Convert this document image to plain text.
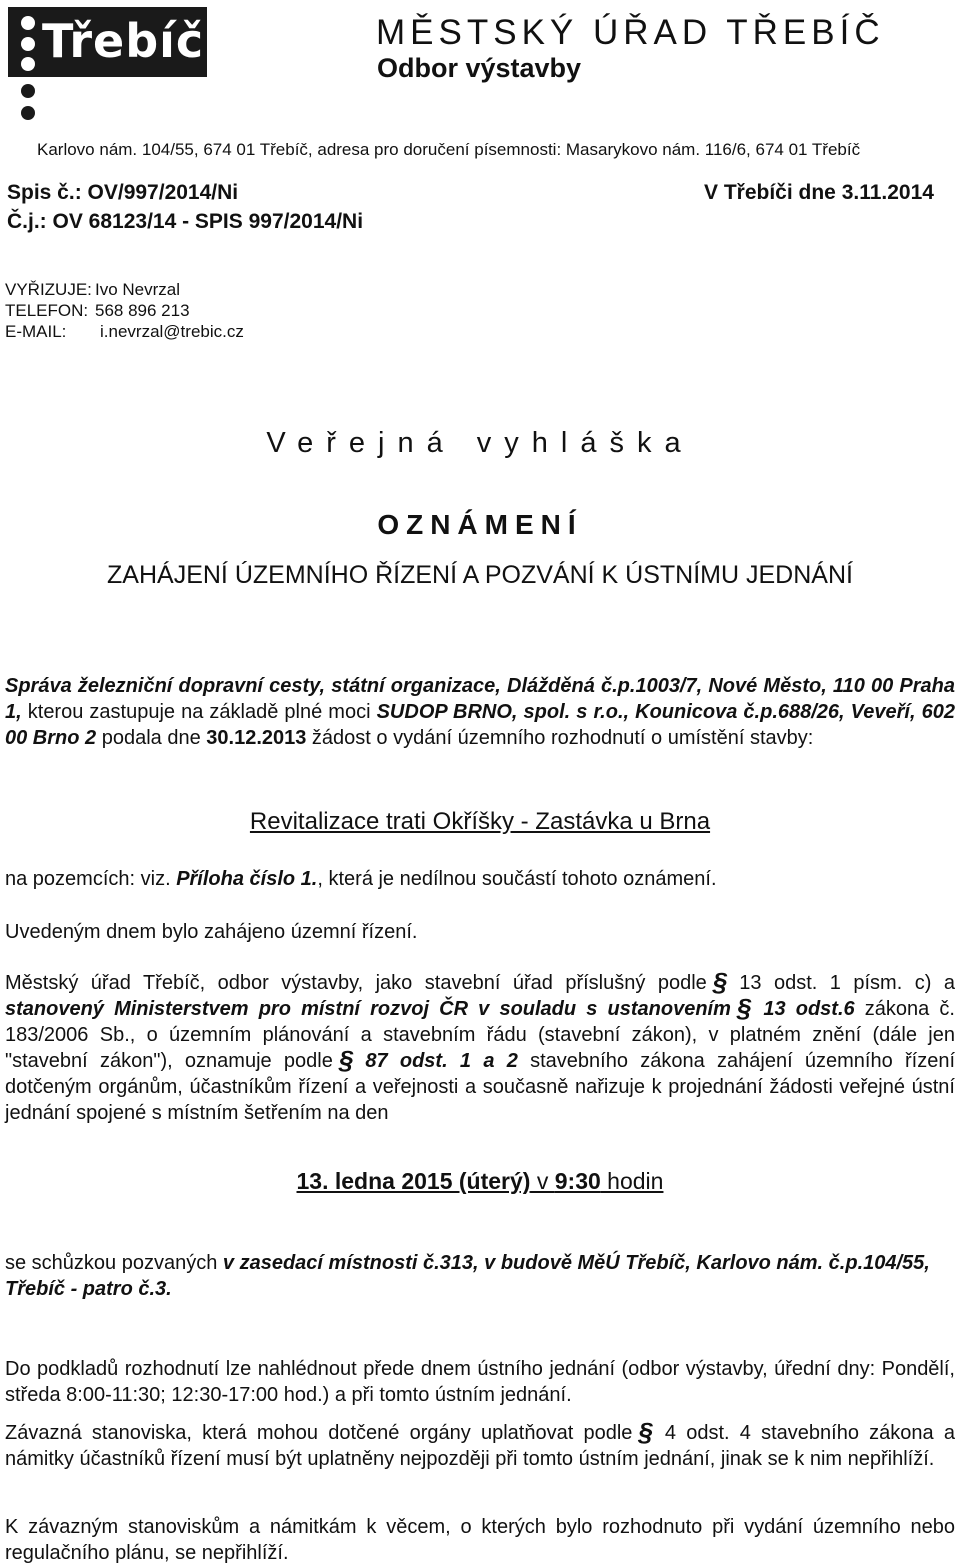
Třebíč	MĚSTSKÝ ÚŘAD TŘEBÍČ
Odbor výstavby
Karlovo nám. 104/55, 674 01 Třebíč, adresa pro doručení písemnosti: Masarykovo nám. 116/6, 674 01 Třebíč
Spis č.: OV/997/2014/Ni
Č.j.: OV 68123/14 - SPIS 997/2014/Ni
V Třebíči dne 3.11.2014
VYŘIZUJE: Ivo Nevrzal
TELEFON: 568 896 213
E-MAIL: i.nevrzal@trebic.cz
Veřejná vyhláška
OZNÁMENÍ
ZAHÁJENÍ ÚZEMNÍHO ŘÍZENÍ A POZVÁNÍ K ÚSTNÍMU JEDNÁNÍ
Správa železniční dopravní cesty, státní organizace, Dlážděná č.p.1003/7, Nové Město, 110 00 Praha 1, kterou zastupuje na základě plné moci SUDOP BRNO, spol. s r.o., Kounicova č.p.688/26, Veveří, 602 00 Brno 2 podala dne 30.12.2013 žádost o vydání územního rozhodnutí o umístění stavby:
Revitalizace trati Okříšky - Zastávka u Brna
na pozemcích: viz. Příloha číslo 1., která je nedílnou součástí tohoto oznámení.
Uvedeným dnem bylo zahájeno územní řízení.
Městský úřad Třebíč, odbor výstavby, jako stavební úřad příslušný podle § 13 odst. 1 písm. c) a stanovený Ministerstvem pro místní rozvoj ČR v souladu s ustanovením § 13 odst.6 zákona č. 183/2006 Sb., o územním plánování a stavebním řádu (stavební zákon), v platném znění (dále jen "stavební zákon"), oznamuje podle § 87 odst. 1 a 2 stavebního zákona zahájení územního řízení dotčeným orgánům, účastníkům řízení a veřejnosti a současně nařizuje k projednání žádosti veřejné ústní jednání spojené s místním šetřením na den
13. ledna 2015 (úterý) v 9:30 hodin
se schůzkou pozvaných v zasedací místnosti č.313, v budově MěÚ Třebíč, Karlovo nám. č.p.104/55, Třebíč - patro č.3.
Do podkladů rozhodnutí lze nahlédnout přede dnem ústního jednání (odbor výstavby, úřední dny: Pondělí, středa 8:00-11:30; 12:30-17:00 hod.) a při tomto ústním jednání.
Závazná stanoviska, která mohou dotčené orgány uplatňovat podle § 4 odst. 4 stavebního zákona a námitky účastníků řízení musí být uplatněny nejpozději při tomto ústním jednání, jinak se k nim nepřihlíží.
K závazným stanoviskům a námitkám k věcem, o kterých bylo rozhodnuto při vydání územního nebo regulačního plánu, se nepřihlíží.
